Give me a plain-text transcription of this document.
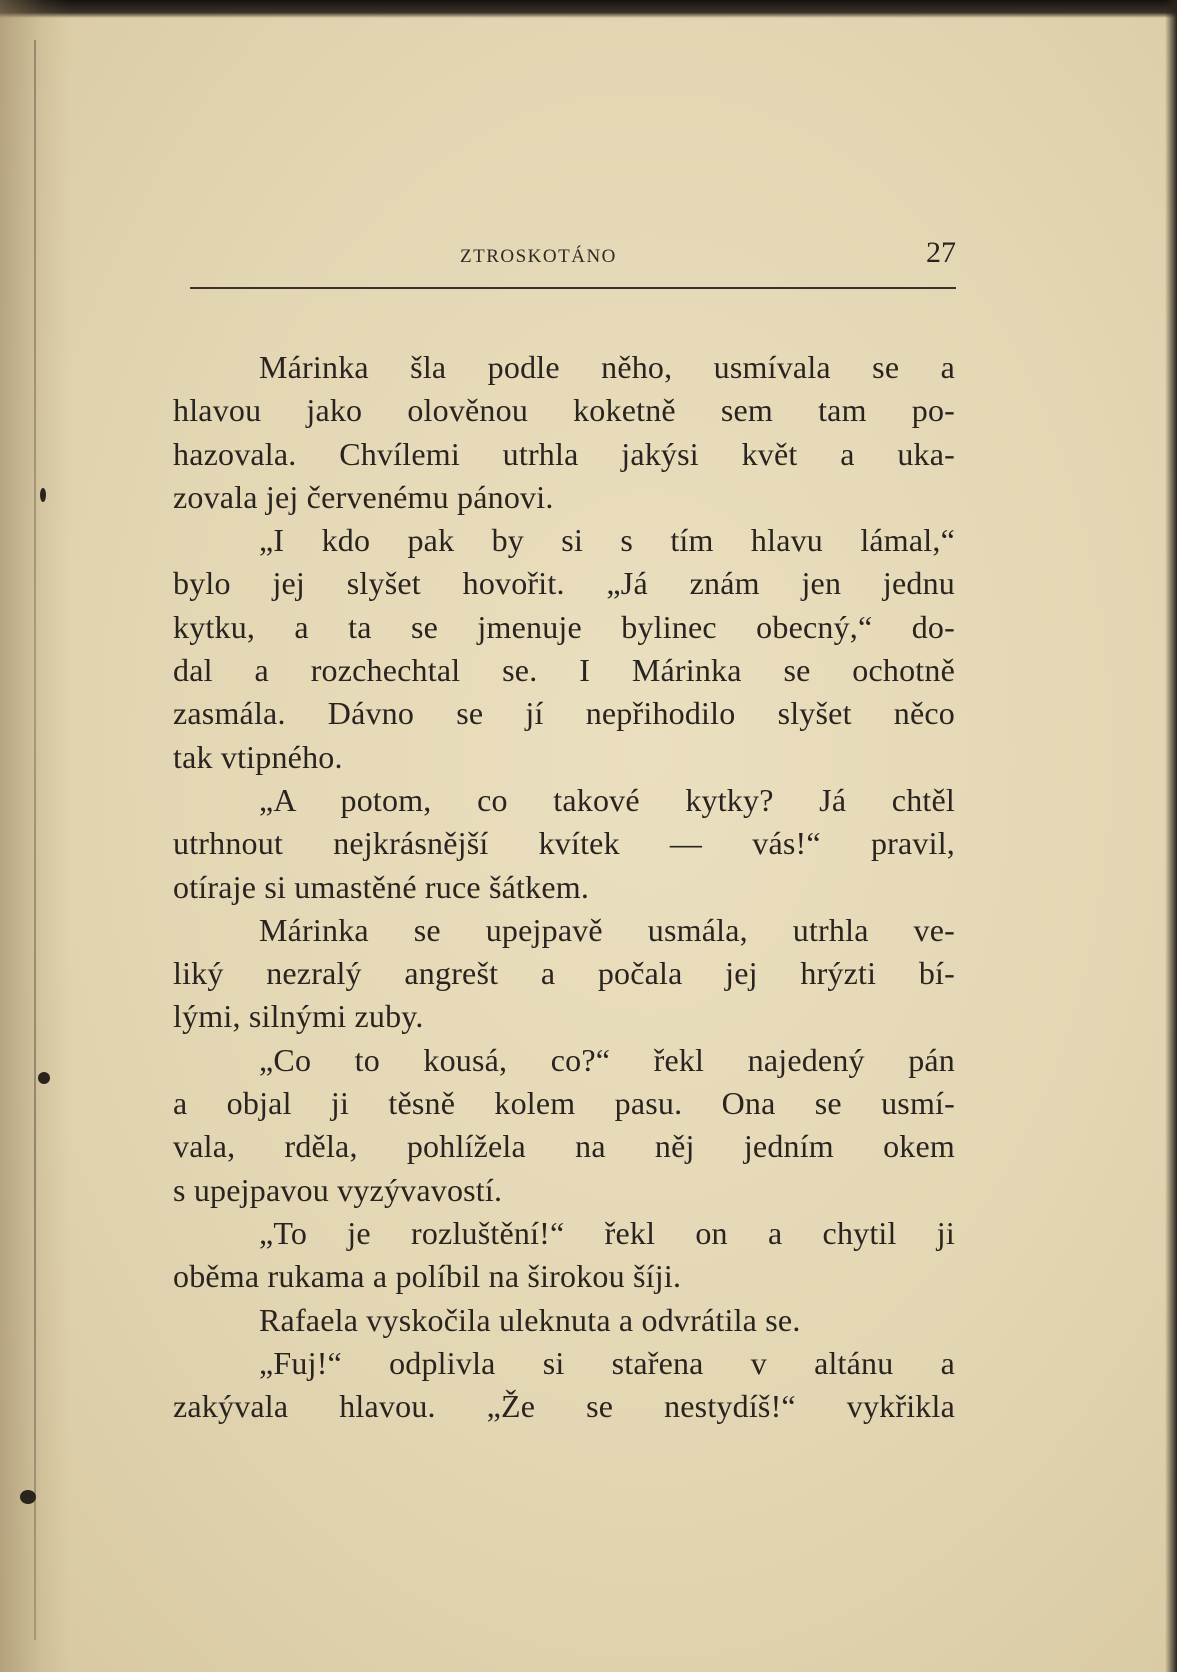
ZTROSKOTÁNO	27
Márinka šla podle něho, usmívala se a
hlavou jako olověnou koketně sem tam po-
hazovala. Chvílemi utrhla jakýsi květ a uka-
zovala jej červenému pánovi.
„I kdo pak by si s tím hlavu lámal,“
bylo jej slyšet hovořit. „Já znám jen jednu
kytku, a ta se jmenuje bylinec obecný,“ do-
dal a rozchechtal se. I Márinka se ochotně
zasmála. Dávno se jí nepřihodilo slyšet něco
tak vtipného.
„A potom, co takové kytky? Já chtěl
utrhnout nejkrásnější kvítek — vás!“ pravil,
otíraje si umastěné ruce šátkem.
Márinka se upejpavě usmála, utrhla ve-
liký nezralý angrešt a počala jej hrýzti bí-
lými, silnými zuby.
„Co to kousá, co?“ řekl najedený pán
a objal ji těsně kolem pasu. Ona se usmí-
vala, rděla, pohlížela na něj jedním okem
s upejpavou vyzývavostí.
„To je rozluštění!“ řekl on a chytil ji
oběma rukama a políbil na širokou šíji.
Rafaela vyskočila uleknuta a odvrátila se.
„Fuj!“ odplivla si stařena v altánu a
zakývala hlavou. „Že se nestydíš!“ vykřikla
